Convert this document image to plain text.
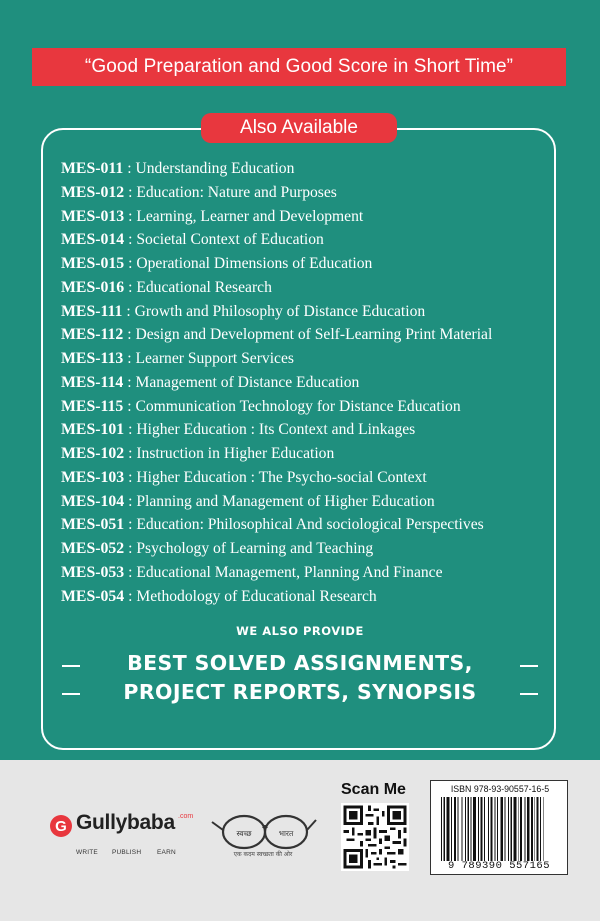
“Good Preparation and Good Score in Short Time”
Also Available
MES-011 : Understanding Education
MES-012 : Education: Nature and Purposes
MES-013 : Learning, Learner and Development
MES-014 : Societal Context of Education
MES-015 : Operational Dimensions of Education
MES-016 : Educational Research
MES-111 : Growth and Philosophy of Distance Education
MES-112 : Design and Development of Self-Learning Print Material
MES-113 : Learner Support Services
MES-114 : Management of Distance Education
MES-115 : Communication Technology for Distance Education
MES-101 : Higher Education : Its Context and Linkages
MES-102 : Instruction in Higher Education
MES-103 : Higher Education : The Psycho-social Context
MES-104 : Planning and Management of Higher Education
MES-051 : Education: Philosophical And sociological Perspectives
MES-052 : Psychology of Learning and Teaching
MES-053 : Educational Management, Planning And Finance
MES-054 : Methodology of Educational Research
WE ALSO PROVIDE
BEST SOLVED ASSIGNMENTS,
PROJECT REPORTS, SYNOPSIS
G Gullybaba .com
WRITE PUBLISH EARN
स्वच्छ	भारत
एक कदम स्वच्छता की ओर
Scan Me	ISBN 978-93-90557-16-5
9 789390 557165
